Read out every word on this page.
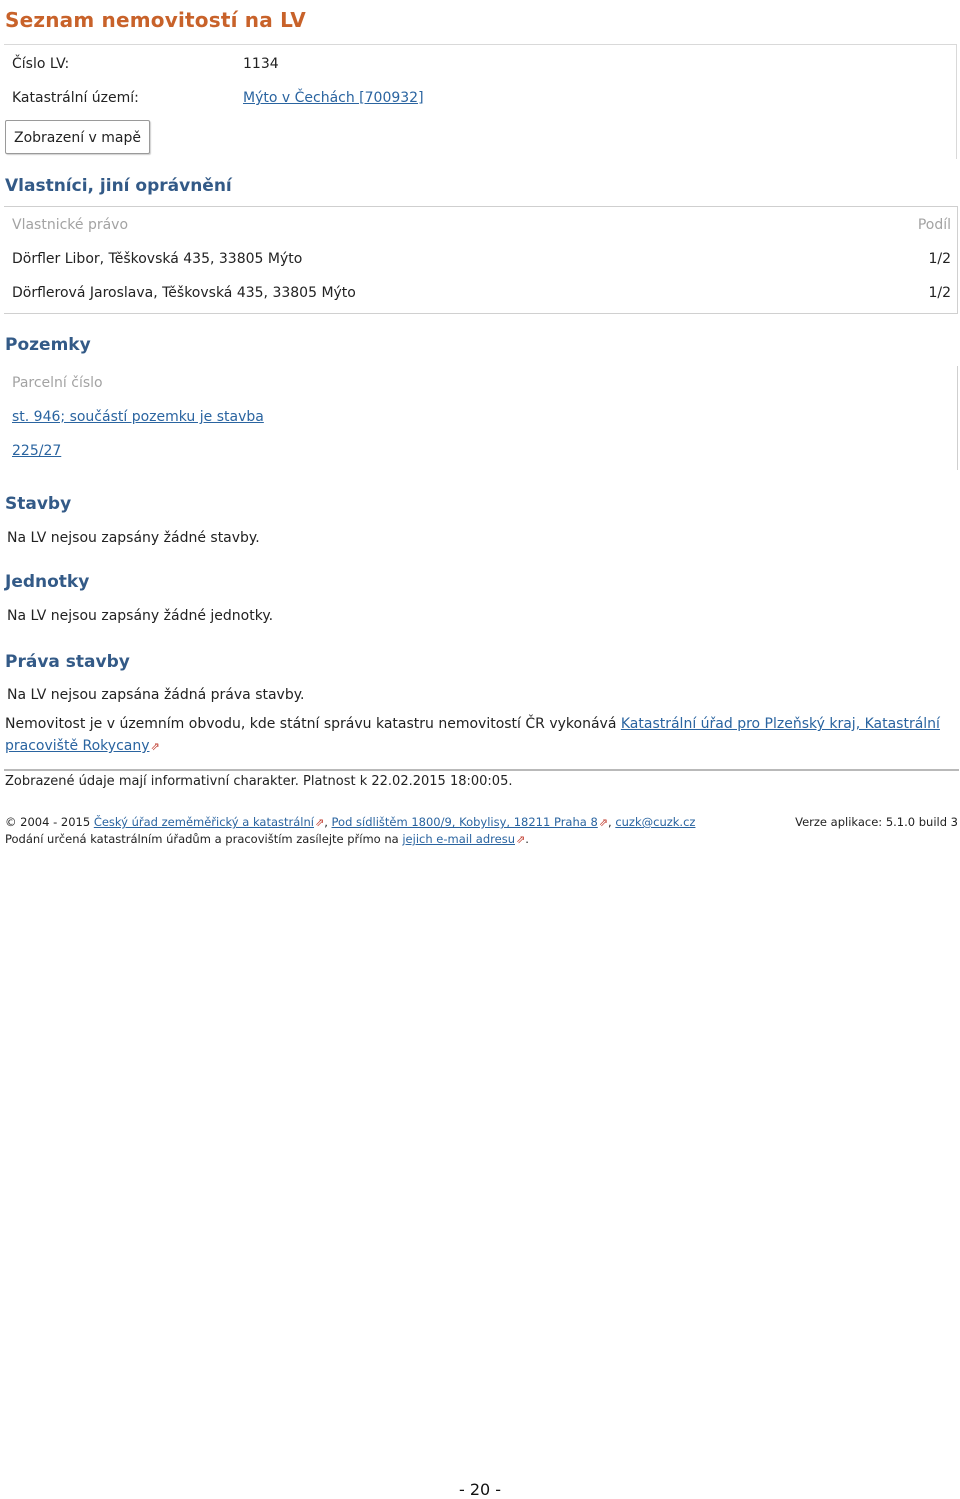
Seznam nemovitostí na LV
Číslo LV:	1134
Katastrální území:	Mýto v Čechách [700932]
Zobrazení v mapě
Vlastníci, jiní oprávnění
Vlastnické právo	Podíl
Dörfler Libor, Těškovská 435, 33805 Mýto	1/2
Dörflerová Jaroslava, Těškovská 435, 33805 Mýto	1/2
Pozemky
Parcelní číslo
st. 946; součástí pozemku je stavba
225/27
Stavby
Na LV nejsou zapsány žádné stavby.
Jednotky
Na LV nejsou zapsány žádné jednotky.
Práva stavby
Na LV nejsou zapsána žádná práva stavby.
Nemovitost je v územním obvodu, kde státní správu katastru nemovitostí ČR vykonává Katastrální úřad pro Plzeňský kraj, Katastrální pracoviště Rokycany⇗
Zobrazené údaje mají informativní charakter. Platnost k 22.02.2015 18:00:05.
© 2004 - 2015 Český úřad zeměměřický a katastrální⇗, Pod sídlištěm 1800/9, Kobylisy, 18211 Praha 8⇗, cuzk@cuzk.cz	Verze aplikace: 5.1.0 build 3
Podání určená katastrálním úřadům a pracovištím zasílejte přímo na jejich e-mail adresu⇗.
- 20 -
